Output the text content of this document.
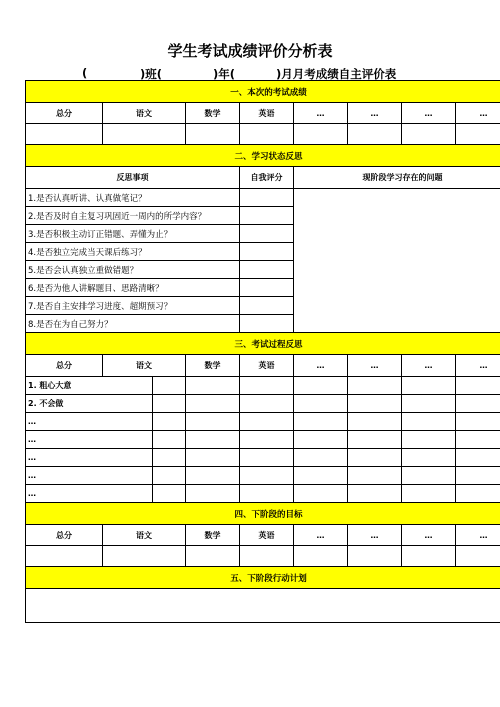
学生考试成绩评价分析表
(	)班(	)年(	)月月考成绩自主评价表
一、本次的考试成绩								
总分	语文		数学	英语	…	…	…	…

二、学习状态反思								
反思事项				自我评分	现阶段学习存在的问题			
1.是否认真听讲、认真做笔记？								
2.是否及时自主复习巩固近一周内的所学内容？								
3.是否积极主动订正错题、弄懂为止？								
4.是否独立完成当天课后练习？								
5.是否会认真独立重做错题？								
6.是否为他人讲解题目、思路清晰？								
7.是否自主安排学习进度、超期预习？								
8.是否在为自己努力？								
三、考试过程反思								
总分	语文		数学	英语	…	…	…	…
1. 粗心大意								
2. 不会做								
…								
…								
…								
…								
…								
四、下阶段的目标								
总分	语文		数学	英语	…	…	…	…

五、下阶段行动计划								
